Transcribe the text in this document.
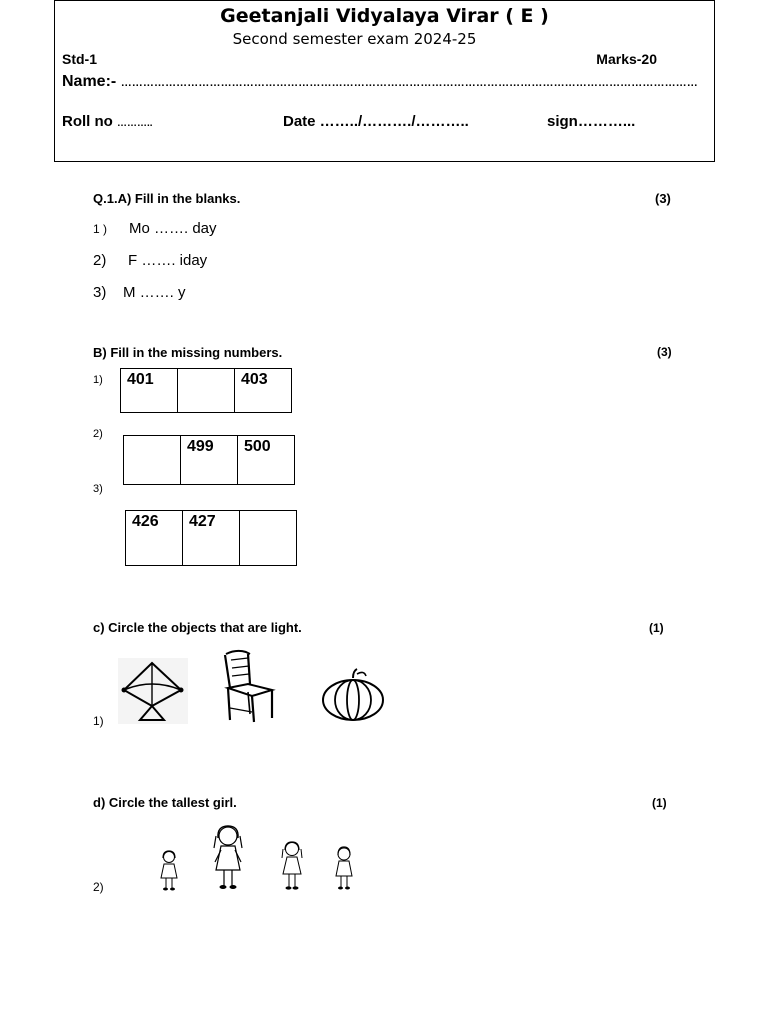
Geetanjali Vidyalaya Virar ( E )
Second semester exam 2024-25
Std-1	Marks-20
Name:- …………………………………………………………………………………………………………………………………………
Roll no ………..	Date ……../………./………..	sign………...
Q.1.A) Fill in the blanks.	(3)
1 ) Mo ……. day
2) F ……. iday
3) M ……. y
B) Fill in the missing numbers.	(3)
1) 401		403
2)
	499	500
3)
426	427	
c) Circle the objects that are light.	(1)
1)
d) Circle the tallest girl.	(1)
2)
